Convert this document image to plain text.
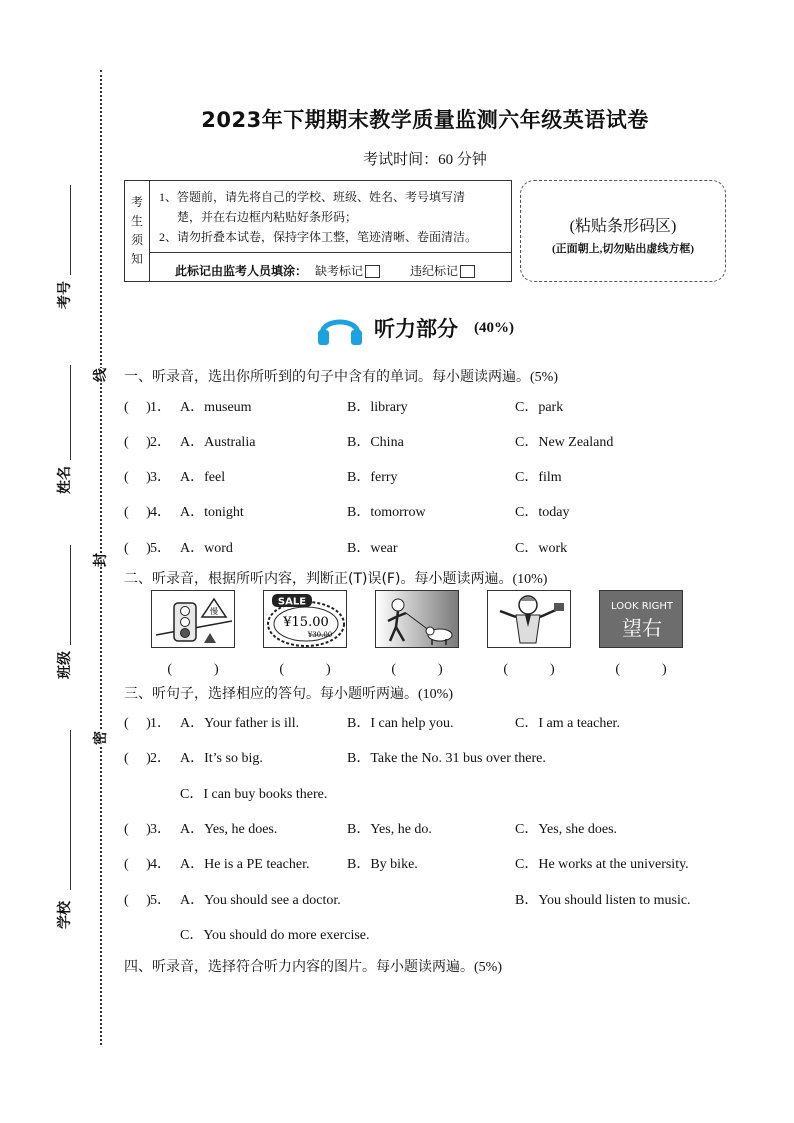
考号
姓名
班级
学校
线
封
密
2023年下期期末教学质量监测六年级英语试卷
考试时间：60 分钟
考
生
须
知
1、答题前，请先将自己的学校、班级、姓名、考号填写清
楚，并在右边框内粘贴好条形码；
2、请勿折叠本试卷，保持字体工整，笔迹清晰、卷面清洁。
此标记由监考人员填涂： 缺考标记	违纪标记
(粘贴条形码区)
(正面朝上,切勿贴出虚线方框)
听力部分 (40%)
一、听录音，选出你所听到的句子中含有的单词。每小题读两遍。(5%)
(　 ) 1． A．museum	B．library	C．park
(　 ) 2． A．Australia	B．China	C．New Zealand
(　 ) 3． A．feel	B．ferry	C．film
(　 ) 4． A．tonight	B．tomorrow	C．today
(　 ) 5． A．word	B．wear	C．work
二、听录音，根据所听内容，判断正(T)误(F)。每小题读两遍。(10%)
慢
SALE
¥15.00
¥30.00
LOOK RIGHT
望右
(　　　)	(　　　)	(　　　)	(　　　)	(　　　)
三、听句子，选择相应的答句。每小题听两遍。(10%)
(　 ) 1． A．Your father is ill.	B．I can help you.	C．I am a teacher.
(　 ) 2． A．It’s so big.	B．Take the No. 31 bus over there.
C．I can buy books there.
(　 ) 3． A．Yes, he does.	B．Yes, he do.	C．Yes, she does.
(　 ) 4． A．He is a PE teacher.	B．By bike.	C．He works at the university.
(　 ) 5． A．You should see a doctor.	B．You should listen to music.
C．You should do more exercise.
四、听录音，选择符合听力内容的图片。每小题读两遍。(5%)
